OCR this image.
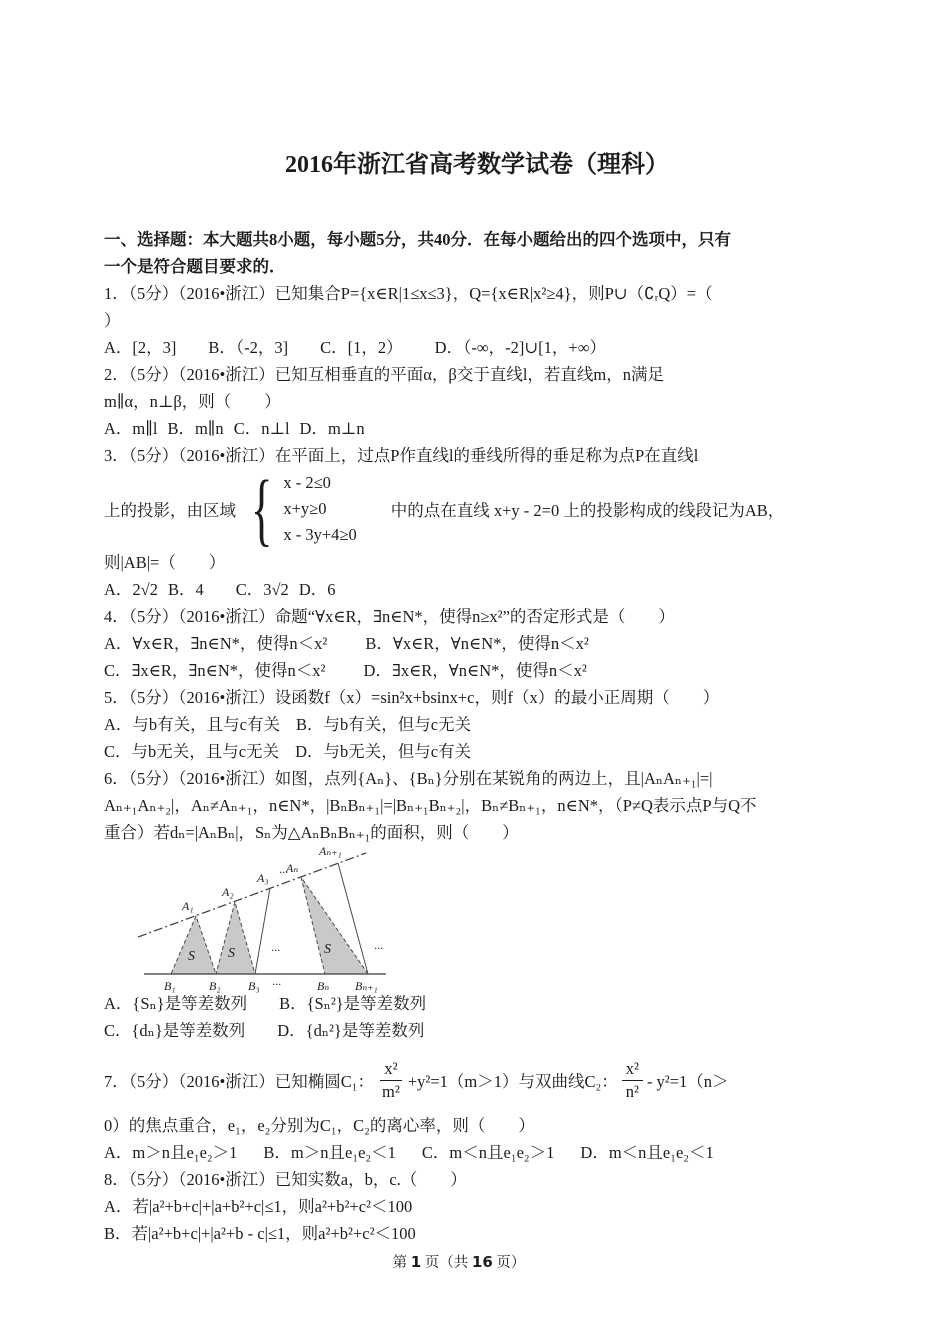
2016年浙江省高考数学试卷（理科）
一、选择题：本大题共8小题，每小题5分，共40分．在每小题给出的四个选项中，只有
一个是符合题目要求的．
1．（5分）（2016•浙江）已知集合P={x∈R|1≤x≤3}，Q={x∈R|x²≥4}，则P∪（∁ᵣQ）=（
）
A．[2，3] B．（-2，3] C．[1，2） D．（-∞，-2]∪[1，+∞）
2．（5分）（2016•浙江）已知互相垂直的平面α，β交于直线l，若直线m，n满足
m∥α，n⊥β，则（　　）
A．m∥l B．m∥n C．n⊥l D．m⊥n
3．（5分）（2016•浙江）在平面上，过点P作直线l的垂线所得的垂足称为点P在直线l
上的投影，由区域 { x - 2≤0
x+y≥0
x - 3y+4≥0
中的点在直线 x+y - 2=0 上的投影构成的线段记为AB，
则|AB|=（　　）
A．2√2 B．4 C．3√2 D．6
4．（5分）（2016•浙江）命题“∀x∈R，∃n∈N*，使得n≥x²”的否定形式是（　　）
A．∀x∈R，∃n∈N*，使得n＜x² B．∀x∈R，∀n∈N*，使得n＜x²
C．∃x∈R，∃n∈N*，使得n＜x² D．∃x∈R，∀n∈N*，使得n＜x²
5．（5分）（2016•浙江）设函数f（x）=sin²x+bsinx+c，则f（x）的最小正周期（　　）
A．与b有关，且与c有关 B．与b有关，但与c无关
C．与b无关，且与c无关 D．与b无关，但与c有关
6．（5分）（2016•浙江）如图，点列{Aₙ}、{Bₙ}分别在某锐角的两边上，且|AₙAₙ₊₁|=|
Aₙ₊₁Aₙ₊₂|，Aₙ≠Aₙ₊₁，n∈N*，|BₙBₙ₊₁|=|Bₙ₊₁Bₙ₊₂|，Bₙ≠Bₙ₊₁，n∈N*，（P≠Q表示点P与Q不
重合）若dₙ=|AₙBₙ|，Sₙ为△AₙBₙBₙ₊₁的面积，则（　　）
A₁
A₂
A₃
Aₙ
Aₙ₊₁
B₁	B₂ B₃	Bₙ Bₙ₊₁
S S	S
···
···	···
···
A．{Sₙ}是等差数列 B．{Sₙ²}是等差数列
C．{dₙ}是等差数列 D．{dₙ²}是等差数列
7．（5分）（2016•浙江）已知椭圆C₁： $\frac{\text{x²}}{\text{m²}} +y^2=1(m>1)$与双曲线C₂： $\frac{\text{x²}}{\text{n²}} - y^2=1(n>$
0）的焦点重合，e₁，e₂分别为C₁，C₂的离心率，则（　　）
A．m＞n且e₁e₂＞1 B．m＞n且e₁e₂＜1 C．m＜n且e₁e₂＞1 D．m＜n且e₁e₂＜1
8．（5分）（2016•浙江）已知实数a，b，c.（　　）
A．若|a²+b+c|+|a+b²+c|≤1，则a²+b²+c²＜100
B．若|a²+b+c|+|a²+b - c|≤1，则a²+b²+c²＜100
第 1 页（共 16 页）
